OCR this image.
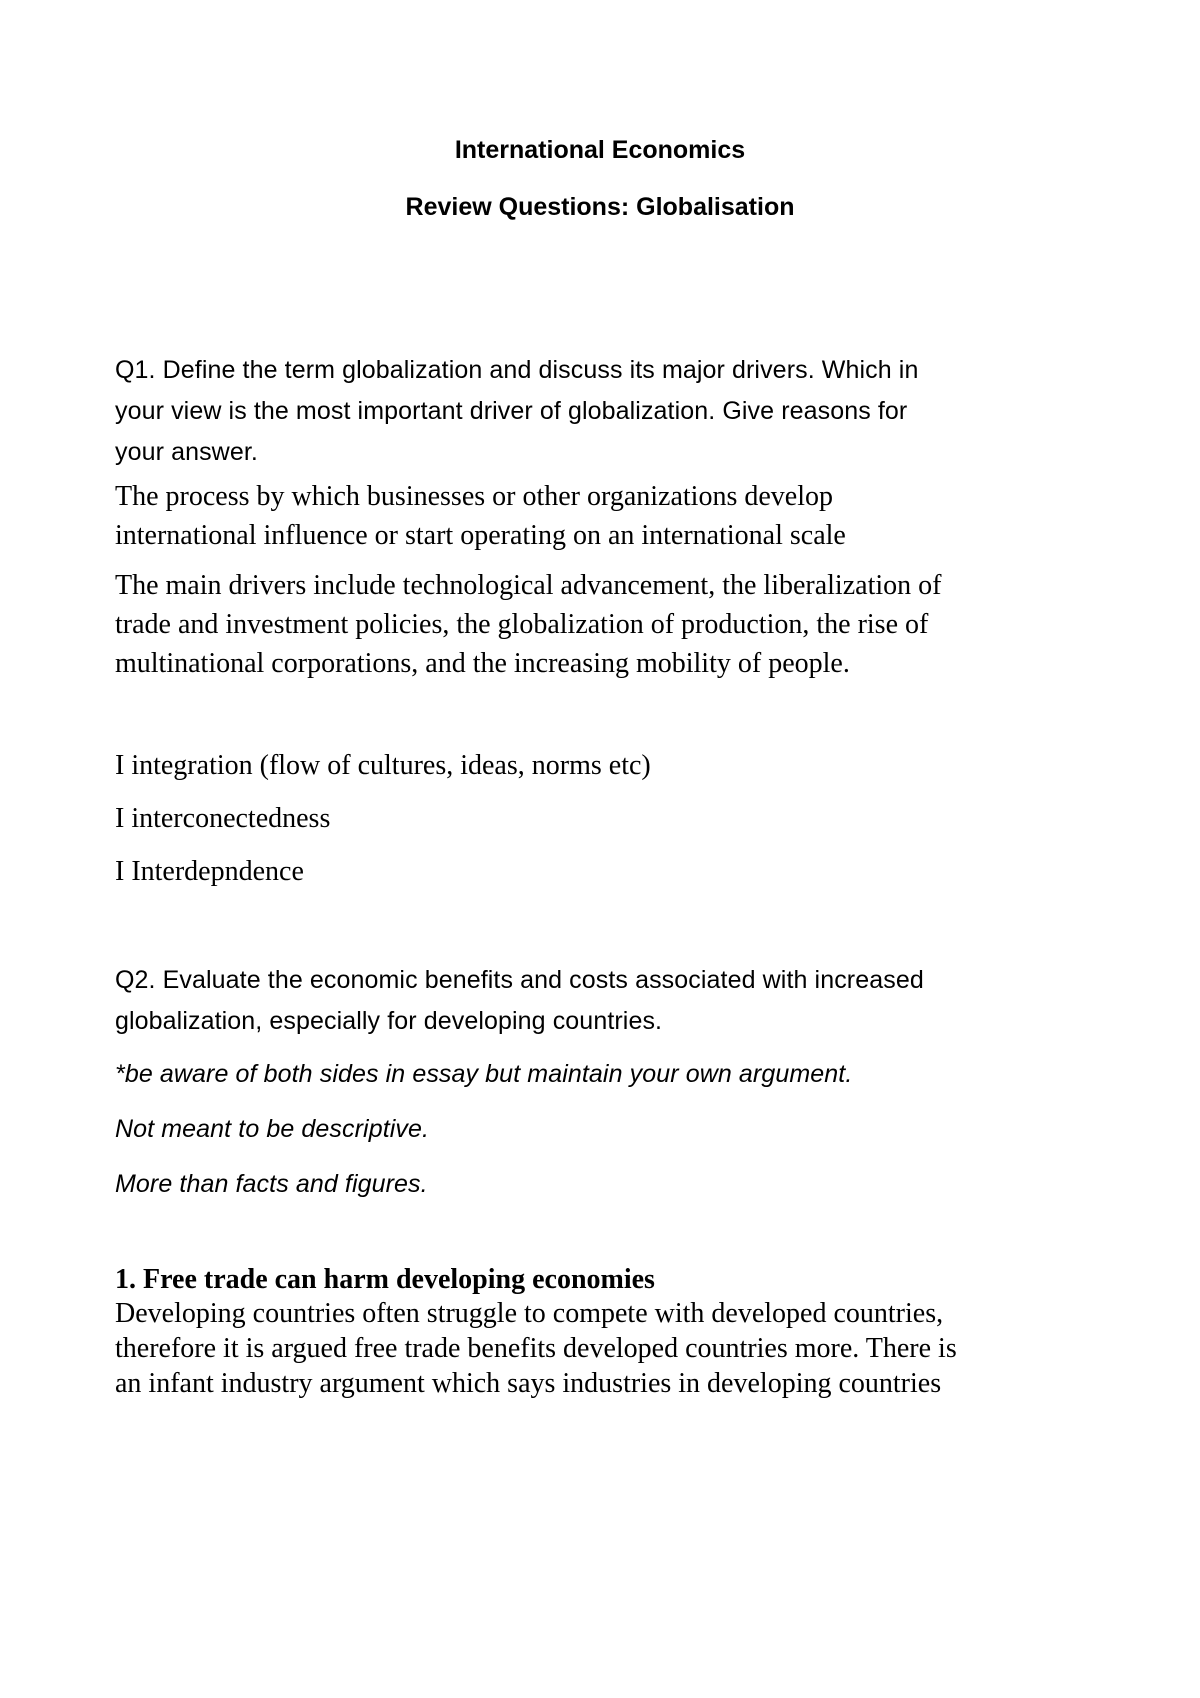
International Economics

Review Questions: Globalisation

Q1. Define the term globalization and discuss its major drivers. Which in

your view is the most important driver of globalization. Give reasons for

your answer.

The process by which businesses or other organizations develop

international influence or start operating on an international scale

The main drivers include technological advancement, the liberalization of

trade and investment policies, the globalization of production, the rise of

multinational corporations, and the increasing mobility of people.

I integration (flow of cultures, ideas, norms etc)

I interconectedness

I Interdepndence

Q2. Evaluate the economic benefits and costs associated with increased

globalization, especially for developing countries.

*be aware of both sides in essay but maintain your own argument.

Not meant to be descriptive.

More than facts and figures.

1. Free trade can harm developing economies

Developing countries often struggle to compete with developed countries,

therefore it is argued free trade benefits developed countries more. There is

an infant industry argument which says industries in developing countries
